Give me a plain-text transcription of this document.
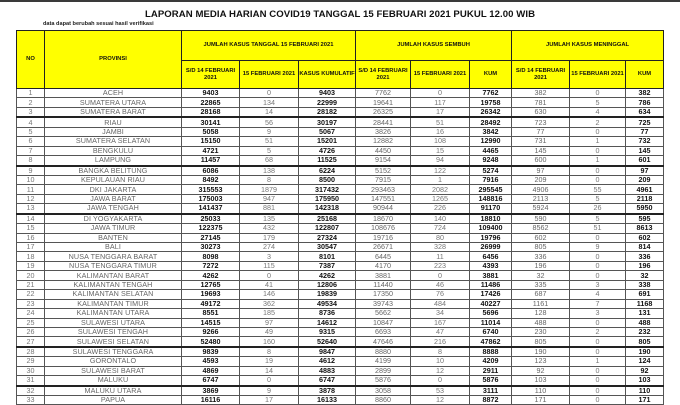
LAPORAN MEDIA HARIAN COVID19 TANGGAL 15 FEBRUARI 2021 PUKUL 12.00 WIB
data dapat berubah sesuai hasil verifikasi
NO	PROVINSI	JUMLAH KASUS TANGGAL 15 FEBRUARI 2021			JUMLAH KASUS SEMBUH			JUMLAH KASUS MENINGGAL		
		S/D 14 FEBRUARI 2021	15 FEBRUARI 2021	KASUS KUMULATIF	S/D 14 FEBRUARI 2021	15 FEBRUARI 2021	KUM	S/D 14 FEBRUARI 2021	15 FEBRUARI 2021	KUM
1	ACEH	9403	0	9403	7762	0	7762	382	0	382
2	SUMATERA UTARA	22865	134	22999	19641	117	19758	781	5	786
3	SUMATERA BARAT	28168	14	28182	26325	17	26342	630	4	634
4	RIAU	30141	56	30197	28441	51	28492	723	2	725
5	JAMBI	5058	9	5067	3826	16	3842	77	0	77
6	SUMATERA SELATAN	15150	51	15201	12882	108	12990	731	1	732
7	BENGKULU	4721	5	4726	4450	15	4465	145	0	145
8	LAMPUNG	11457	68	11525	9154	94	9248	600	1	601
9	BANGKA BELITUNG	6086	138	6224	5152	122	5274	97	0	97
10	KEPULAUAN RIAU	8492	8	8500	7915	1	7916	209	0	209
11	DKI JAKARTA	315553	1879	317432	293463	2082	295545	4906	55	4961
12	JAWA BARAT	175003	947	175950	147551	1265	148816	2113	5	2118
13	JAWA TENGAH	141437	881	142318	90944	226	91170	5924	26	5950
14	DI YOGYAKARTA	25033	135	25168	18670	140	18810	590	5	595
15	JAWA TIMUR	122375	432	122807	108676	724	109400	8562	51	8613
16	BANTEN	27145	179	27324	19716	80	19796	602	0	602
17	BALI	30273	274	30547	26671	328	26999	805	9	814
18	NUSA TENGGARA BARAT	8098	3	8101	6445	11	6456	336	0	336
19	NUSA TENGGARA TIMUR	7272	115	7387	4170	223	4393	196	0	196
20	KALIMANTAN BARAT	4262	0	4262	3881	0	3881	32	0	32
21	KALIMANTAN TENGAH	12765	41	12806	11440	46	11486	335	3	338
22	KALIMANTAN SELATAN	19693	146	19839	17350	76	17426	687	4	691
23	KALIMANTAN TIMUR	49172	362	49534	39743	484	40227	1161	7	1168
24	KALIMANTAN UTARA	8551	185	8736	5662	34	5696	128	3	131
25	SULAWESI UTARA	14515	97	14612	10847	167	11014	488	0	488
26	SULAWESI TENGAH	9266	49	9315	6693	47	6740	230	2	232
27	SULAWESI SELATAN	52480	160	52640	47646	216	47862	805	0	805
28	SULAWESI TENGGARA	9839	8	9847	8880	8	8888	190	0	190
29	GORONTALO	4593	19	4612	4199	10	4209	123	1	124
30	SULAWESI BARAT	4869	14	4883	2899	12	2911	92	0	92
31	MALUKU	6747	0	6747	5876	0	5876	103	0	103
32	MALUKU UTARA	3869	9	3878	3058	53	3111	110	0	110
33	PAPUA	16116	17	16133	8860	12	8872	171	0	171
